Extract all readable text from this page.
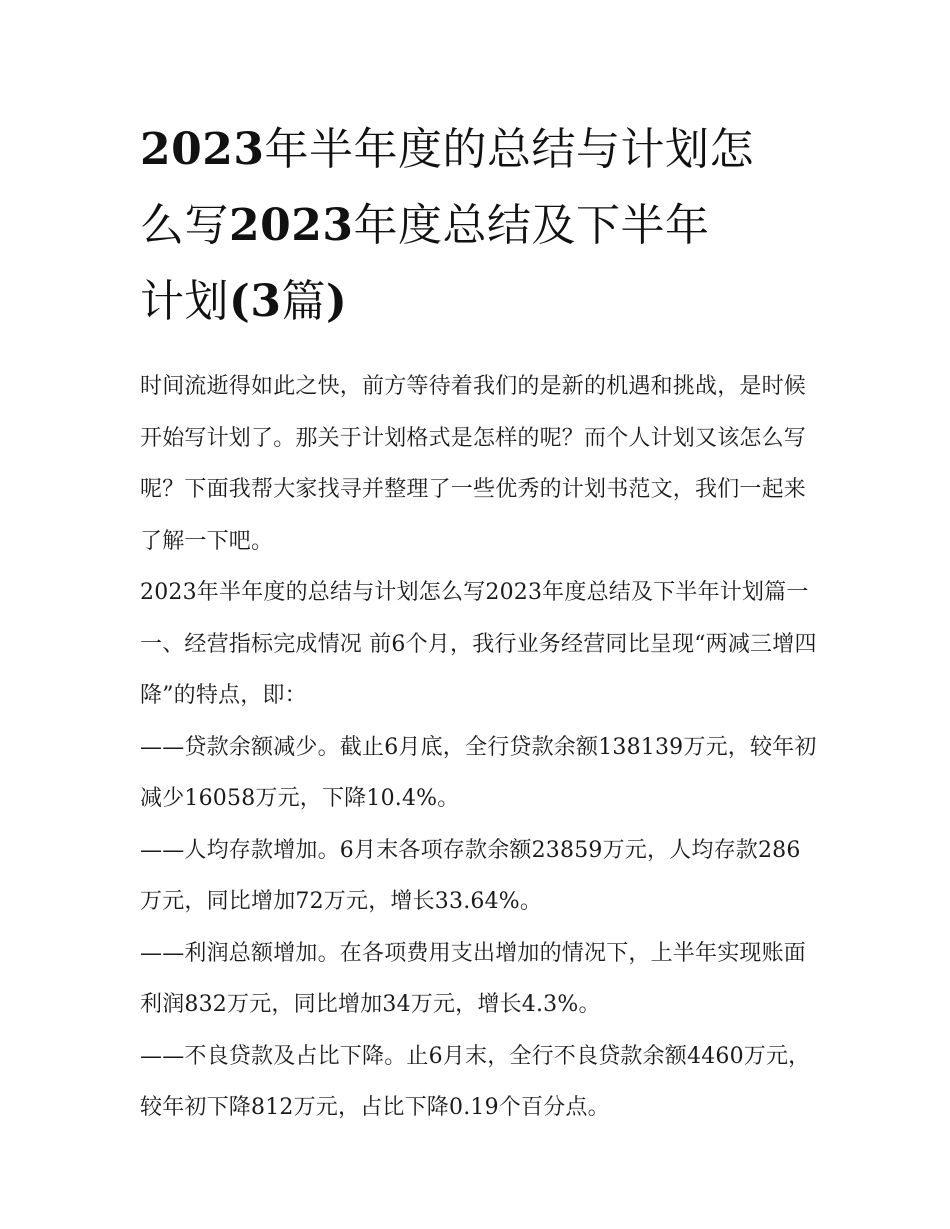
2023年半年度的总结与计划怎
么写2023年度总结及下半年
计划(3篇)

时间流逝得如此之快，前方等待着我们的是新的机遇和挑战，是时候开始写计划了。那关于计划格式是怎样的呢？而个人计划又该怎么写呢？下面我帮大家找寻并整理了一些优秀的计划书范文，我们一起来了解一下吧。

2023年半年度的总结与计划怎么写2023年度总结及下半年计划篇一 一、经营指标完成情况 前6个月，我行业务经营同比呈现“两减三增四降”的特点，即：

——贷款余额减少。截止6月底，全行贷款余额138139万元，较年初减少16058万元，下降10.4%。

——人均存款增加。6月末各项存款余额23859万元，人均存款286万元，同比增加72万元，增长33.64%。

——利润总额增加。在各项费用支出增加的情况下，上半年实现账面利润832万元，同比增加34万元，增长4.3%。

——不良贷款及占比下降。止6月末，全行不良贷款余额4460万元，较年初下降812万元，占比下降0.19个百分点。
